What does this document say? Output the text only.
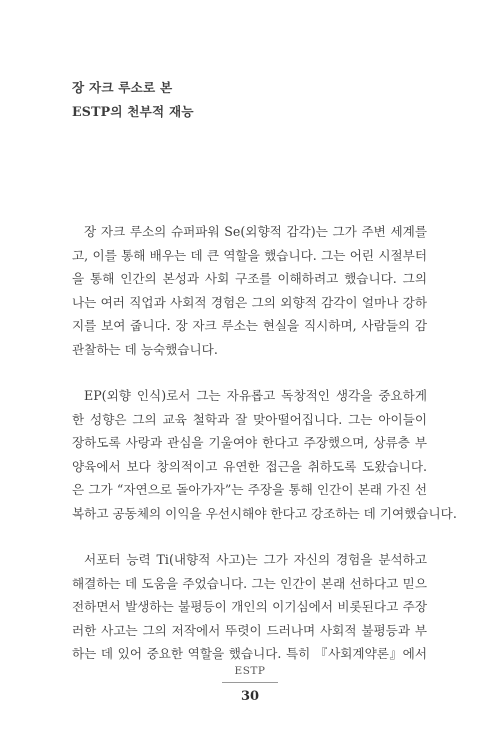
장 자크 루소로 본
ESTP의 천부적 재능

장 자크 루소의 슈퍼파워 Se(외향적 감각)는 그가 주변 세계를
고, 이를 통해 배우는 데 큰 역할을 했습니다. 그는 어린 시절부터
을 통해 인간의 본성과 사회 구조를 이해하려고 했습니다. 그의
나는 여러 직업과 사회적 경험은 그의 외향적 감각이 얼마나 강하
지를 보여 줍니다. 장 자크 루소는 현실을 직시하며, 사람들의 감
관찰하는 데 능숙했습니다.

EP(외향 인식)로서 그는 자유롭고 독창적인 생각을 중요하게
한 성향은 그의 교육 철학과 잘 맞아떨어집니다. 그는 아이들이
장하도록 사랑과 관심을 기울여야 한다고 주장했으며, 상류층 부
양육에서 보다 창의적이고 유연한 접근을 취하도록 도왔습니다.
은 그가 “자연으로 돌아가자”는 주장을 통해 인간이 본래 가진 선
복하고 공동체의 이익을 우선시해야 한다고 강조하는 데 기여했습니다.

서포터 능력 Ti(내향적 사고)는 그가 자신의 경험을 분석하고
해결하는 데 도움을 주었습니다. 그는 인간이 본래 선하다고 믿으
전하면서 발생하는 불평등이 개인의 이기심에서 비롯된다고 주장
러한 사고는 그의 저작에서 뚜렷이 드러나며 사회적 불평등과 부
하는 데 있어 중요한 역할을 했습니다. 특히 『사회계약론』에서

ESTP
30
